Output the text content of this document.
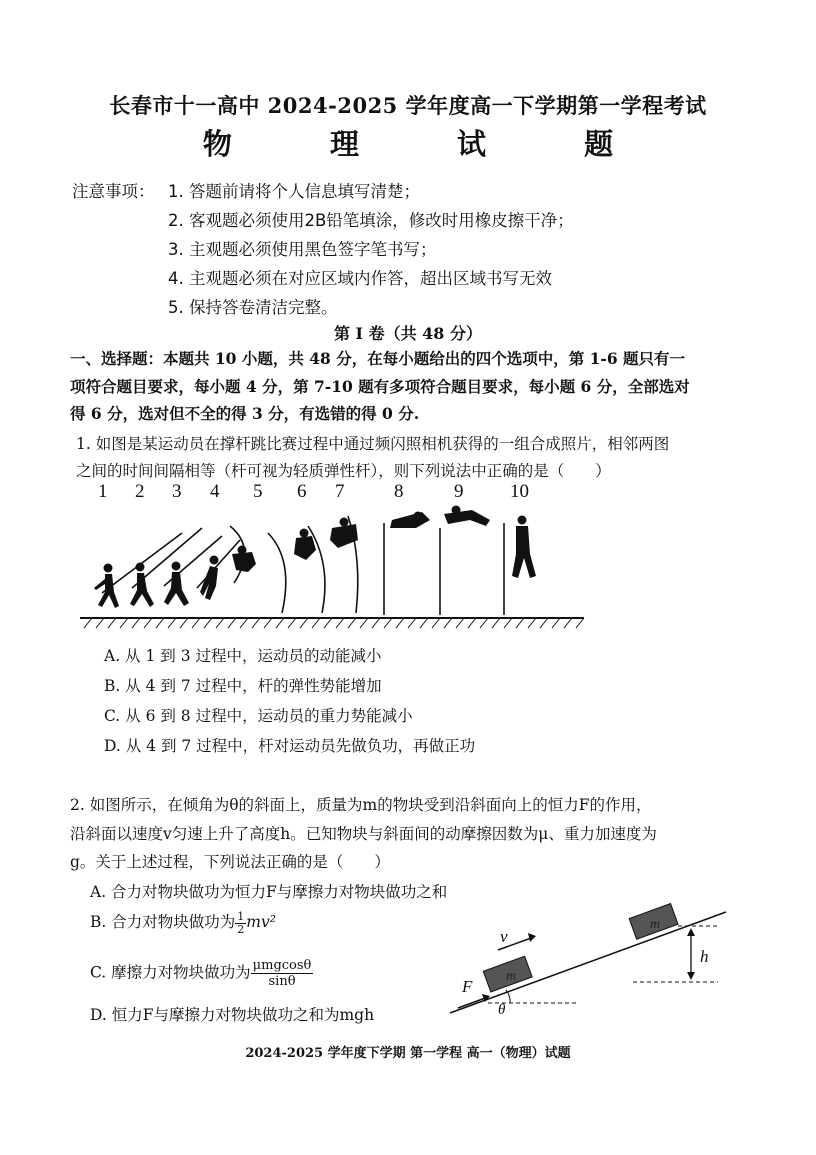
长春市十一高中 2024-2025 学年度高一下学期第一学程考试
物 理 试 题
注意事项： 1. 答题前请将个人信息填写清楚；
2. 客观题必须使用2B铅笔填涂，修改时用橡皮擦干净；
3. 主观题必须使用黑色签字笔书写；
4. 主观题必须在对应区域内作答，超出区域书写无效
5. 保持答卷清洁完整。
第 I 卷（共 48 分）
一、选择题：本题共 10 小题，共 48 分，在每小题给出的四个选项中，第 1-6 题只有一
项符合题目要求，每小题 4 分，第 7-10 题有多项符合题目要求，每小题 6 分，全部选对
得 6 分，选对但不全的得 3 分，有选错的得 0 分.
1. 如图是某运动员在撑杆跳比赛过程中通过频闪照相机获得的一组合成照片，相邻两图
之间的时间间隔相等（杆可视为轻质弹性杆），则下列说法中正确的是（　　）
1 2 3 4 5 6 7	8	9 10
A. 从 1 到 3 过程中，运动员的动能减小
B. 从 4 到 7 过程中，杆的弹性势能增加
C. 从 6 到 8 过程中，运动员的重力势能减小
D. 从 4 到 7 过程中，杆对运动员先做负功，再做正功
2. 如图所示，在倾角为θ的斜面上，质量为m的物块受到沿斜面向上的恒力F的作用，
沿斜面以速度v匀速上升了高度h。已知物块与斜面间的动摩擦因数为μ、重力加速度为
g。关于上述过程，下列说法正确的是（　　）
A. 合力对物块做功为恒力F与摩擦力对物块做功之和
B. 合力对物块做功为 $\frac{1}{2} mv^2$
C. 摩擦力对物块做功为 $\frac{\text{μmgcosθ}}{\sin\theta}$
D. 恒力F与摩擦力对物块做功之和为mgh
v
F
h
θ
m
m
2024-2025 学年度下学期 第一学程 高一（物理）试题
